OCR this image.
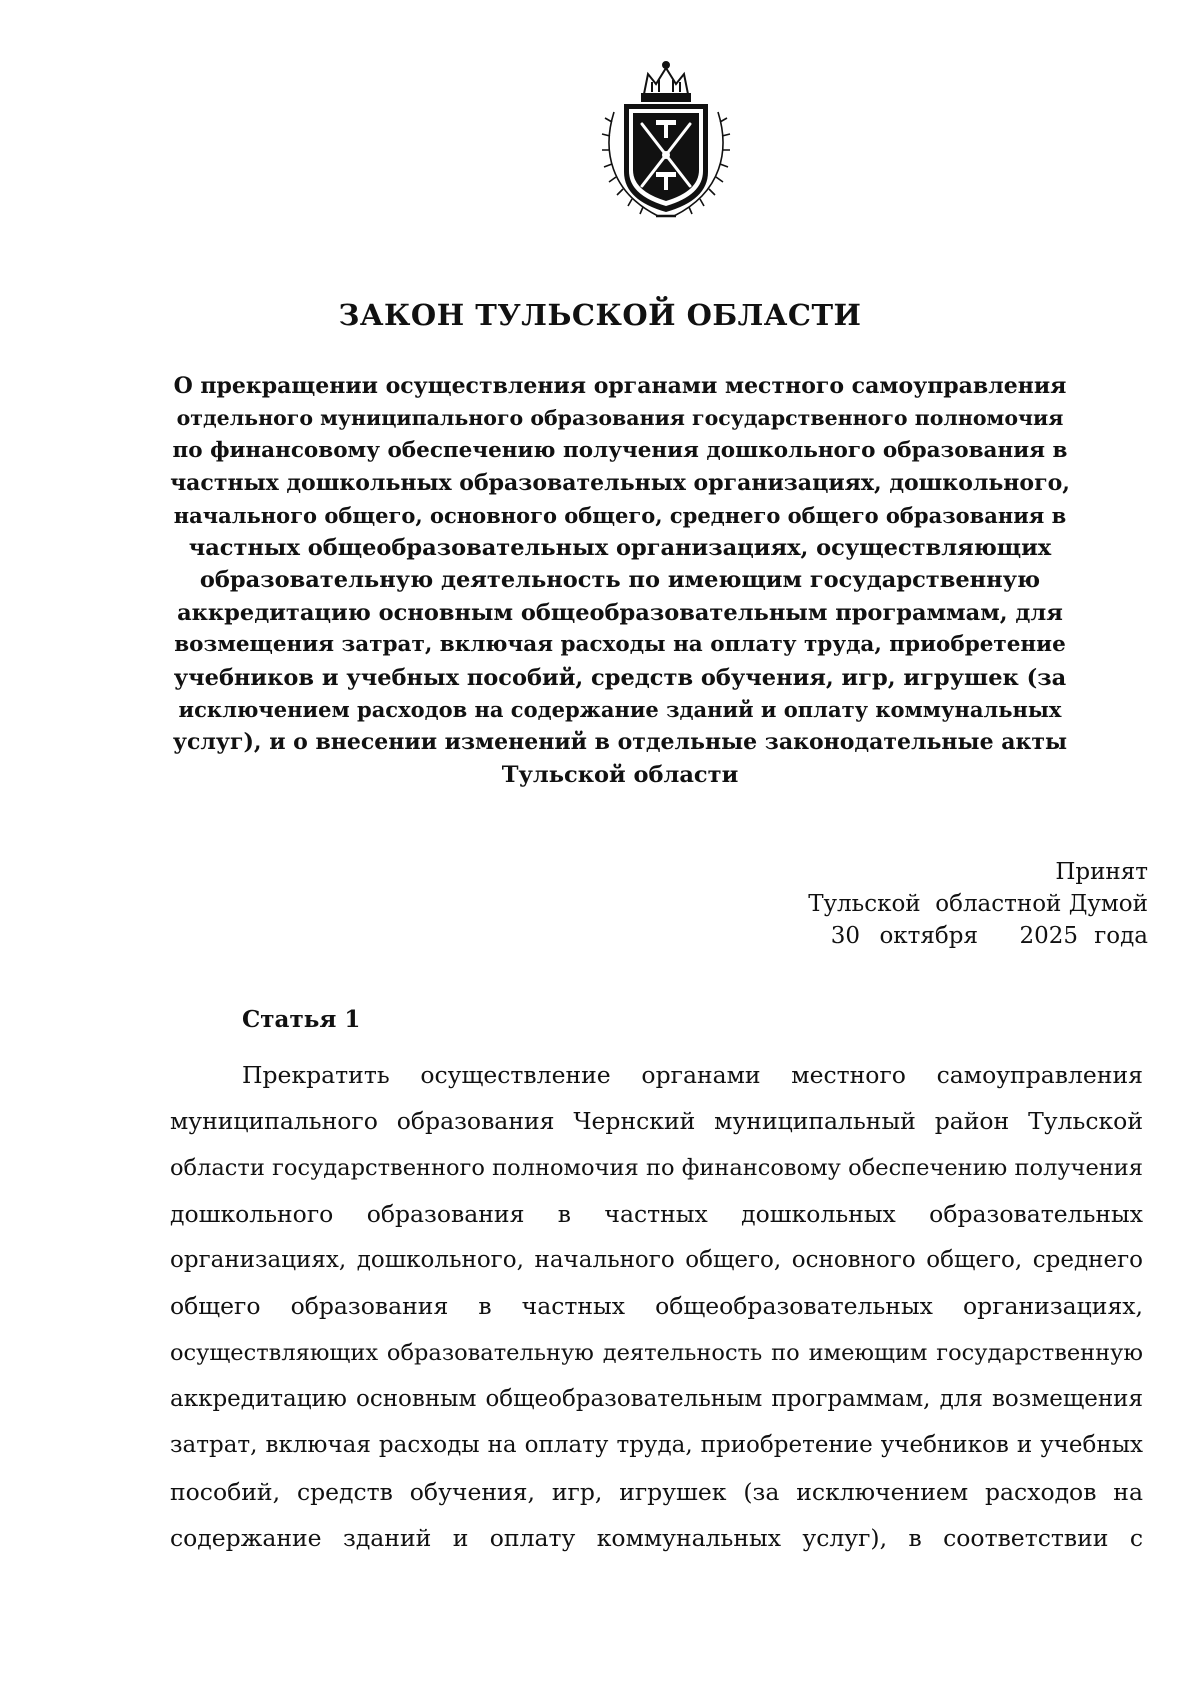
ЗАКОН ТУЛЬСКОЙ ОБЛАСТИ
О прекращении осуществления органами местного самоуправления
отдельного муниципального образования государственного полномочия
по финансовому обеспечению получения дошкольного образования в
частных дошкольных образовательных организациях, дошкольного,
начального общего, основного общего, среднего общего образования в
частных общеобразовательных организациях, осуществляющих
образовательную деятельность по имеющим государственную
аккредитацию основным общеобразовательным программам, для
возмещения затрат, включая расходы на оплату труда, приобретение
учебников и учебных пособий, средств обучения, игр, игрушек (за
исключением расходов на содержание зданий и оплату коммунальных
услуг), и о внесении изменений в отдельные законодательные акты
Тульской области
Принят
Тульской  областной Думой
30 октября	2025 года
Статья 1
Прекратить осуществление органами местного самоуправления
муниципального образования Чернский муниципальный район Тульской
области государственного полномочия по финансовому обеспечению получения
дошкольного образования в частных дошкольных образовательных
организациях, дошкольного, начального общего, основного общего, среднего
общего образования в частных общеобразовательных организациях,
осуществляющих образовательную деятельность по имеющим государственную
аккредитацию основным общеобразовательным программам, для возмещения
затрат, включая расходы на оплату труда, приобретение учебников и учебных
пособий, средств обучения, игр, игрушек (за исключением расходов на
содержание зданий и оплату коммунальных услуг), в соответствии с
